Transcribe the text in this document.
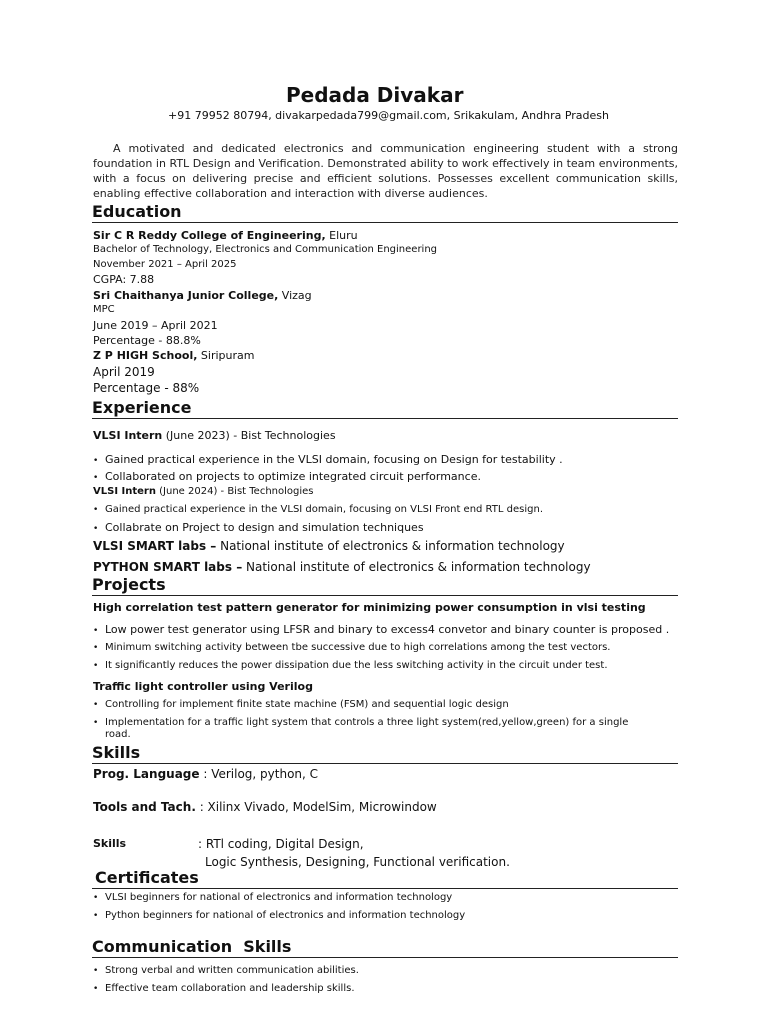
Pedada Divakar
+91 79952 80794, divakarpedada799@gmail.com, Srikakulam, Andhra Pradesh
A motivated and dedicated electronics and communication engineering student with a strong foundation in RTL Design and Verification. Demonstrated ability to work effectively in team environments, with a focus on delivering precise and efficient solutions. Possesses excellent communication skills, enabling effective collaboration and interaction with diverse audiences.
Education
Sir C R Reddy College of Engineering, Eluru
Bachelor of Technology, Electronics and Communication Engineering
November 2021 – April 2025
CGPA: 7.88
Sri Chaithanya Junior College, Vizag
MPC
June 2019 – April 2021
Percentage - 88.8%
Z P HIGH School, Siripuram
April 2019
Percentage - 88%
Experience
VLSI Intern (June 2023) - Bist Technologies
• Gained practical experience in the VLSI domain, focusing on Design for testability .
• Collaborated on projects to optimize integrated circuit performance.
VLSI Intern (June 2024) - Bist Technologies
• Gained practical experience in the VLSI domain, focusing on VLSI Front end RTL design.
• Collabrate on Project to design and simulation techniques
VLSI SMART labs – National institute of electronics & information technology
PYTHON SMART labs – National institute of electronics & information technology
Projects
High correlation test pattern generator for minimizing power consumption in vlsi testing
• Low power test generator using LFSR and binary to excess4 convetor and binary counter is proposed .
• Minimum switching activity between tbe successive due to high correlations among the test vectors.
• It significantly reduces the power dissipation due the less switching activity in the circuit under test.
Traffic light controller using Verilog
• Controlling for implement finite state machine (FSM) and sequential logic design
• Implementation for a traffic light system that controls a three light system(red,yellow,green) for a single
road.
Skills
Prog. Language : Verilog, python, C
Tools and Tach. : Xilinx Vivado, ModelSim, Microwindow
Skills	: RTl coding, Digital Design,
Logic Synthesis, Designing, Functional verification.
Certificates
• VLSI beginners for national of electronics and information technology
• Python beginners for national of electronics and information technology
Communication  Skills
• Strong verbal and written communication abilities.
• Effective team collaboration and leadership skills.
